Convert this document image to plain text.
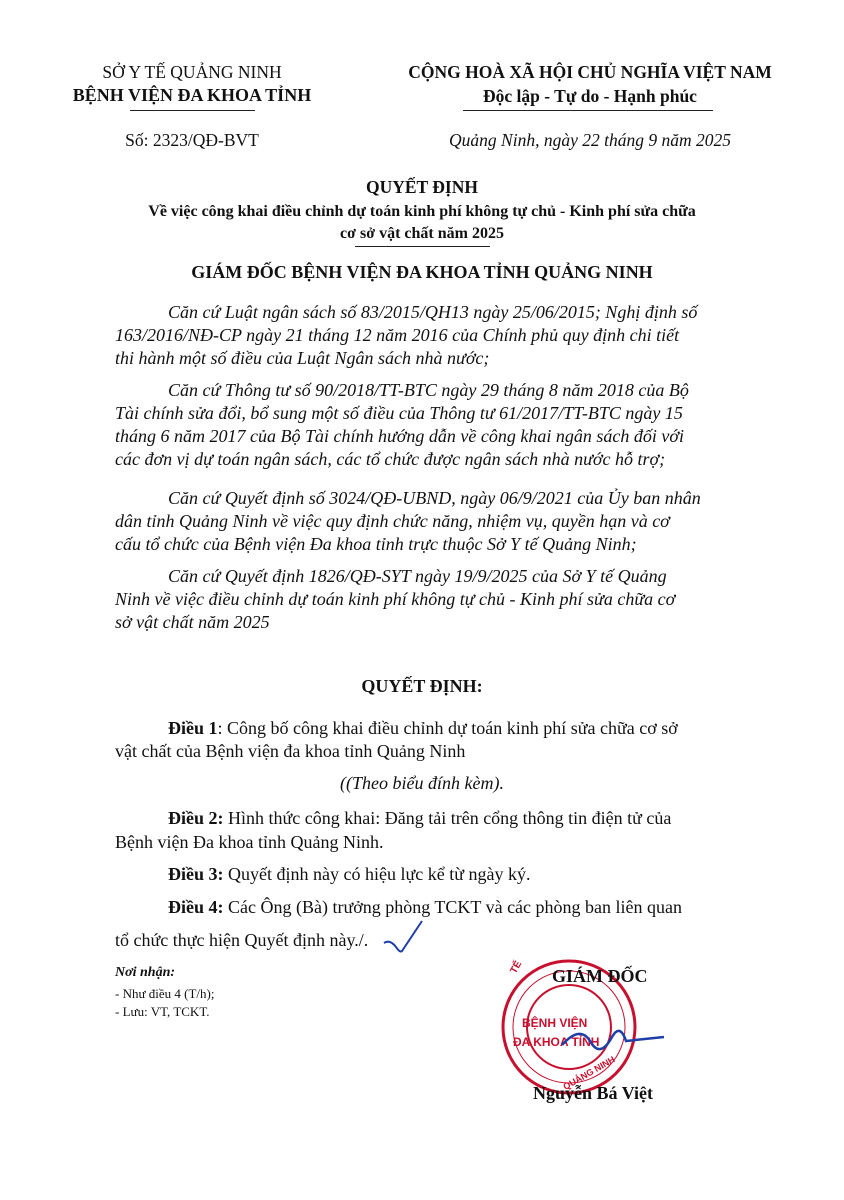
SỞ Y TẾ QUẢNG NINH
BỆNH VIỆN ĐA KHOA TỈNH
Số: 2323/QĐ-BVT
CỘNG HOÀ XÃ HỘI CHỦ NGHĨA VIỆT NAM
Độc lập - Tự do - Hạnh phúc
Quảng Ninh, ngày 22 tháng 9 năm 2025
QUYẾT ĐỊNH
Về việc công khai điều chỉnh dự toán kinh phí không tự chủ - Kinh phí sửa chữa
cơ sở vật chất năm 2025
GIÁM ĐỐC BỆNH VIỆN ĐA KHOA TỈNH QUẢNG NINH
Căn cứ Luật ngân sách số 83/2015/QH13 ngày 25/06/2015; Nghị định số
163/2016/NĐ-CP ngày 21 tháng 12 năm 2016 của Chính phủ quy định chi tiết
thi hành một số điều của Luật Ngân sách nhà nước;
Căn cứ Thông tư số 90/2018/TT-BTC ngày 29 tháng 8 năm 2018 của Bộ
Tài chính sửa đổi, bổ sung một số điều của Thông tư 61/2017/TT-BTC ngày 15
tháng 6 năm 2017 của Bộ Tài chính hướng dẫn về công khai ngân sách đối với
các đơn vị dự toán ngân sách, các tổ chức được ngân sách nhà nước hỗ trợ;
Căn cứ Quyết định số 3024/QĐ-UBND, ngày 06/9/2021 của Ủy ban nhân
dân tỉnh Quảng Ninh về việc quy định chức năng, nhiệm vụ, quyền hạn và cơ
cấu tổ chức của Bệnh viện Đa khoa tỉnh trực thuộc Sở Y tế Quảng Ninh;
Căn cứ Quyết định 1826/QĐ-SYT ngày 19/9/2025 của Sở Y tế Quảng
Ninh về việc điều chỉnh dự toán kinh phí không tự chủ - Kinh phí sửa chữa cơ
sở vật chất năm 2025
QUYẾT ĐỊNH:
Điều 1: Công bố công khai điều chỉnh dự toán kinh phí sửa chữa cơ sở
vật chất của Bệnh viện đa khoa tỉnh Quảng Ninh
((Theo biểu đính kèm).
Điều 2: Hình thức công khai: Đăng tải trên cổng thông tin điện tử của
Bệnh viện Đa khoa tỉnh Quảng Ninh.
Điều 3: Quyết định này có hiệu lực kể từ ngày ký.
Điều 4: Các Ông (Bà) trưởng phòng TCKT và các phòng ban liên quan
tổ chức thực hiện Quyết định này./.
Nơi nhận:
- Như điều 4 (T/h);
- Lưu: VT, TCKT.
TẾ
BỆNH VIỆN
ĐA KHOA TỈNH
QUẢNG NINH
GIÁM ĐỐC
Nguyễn Bá Việt
